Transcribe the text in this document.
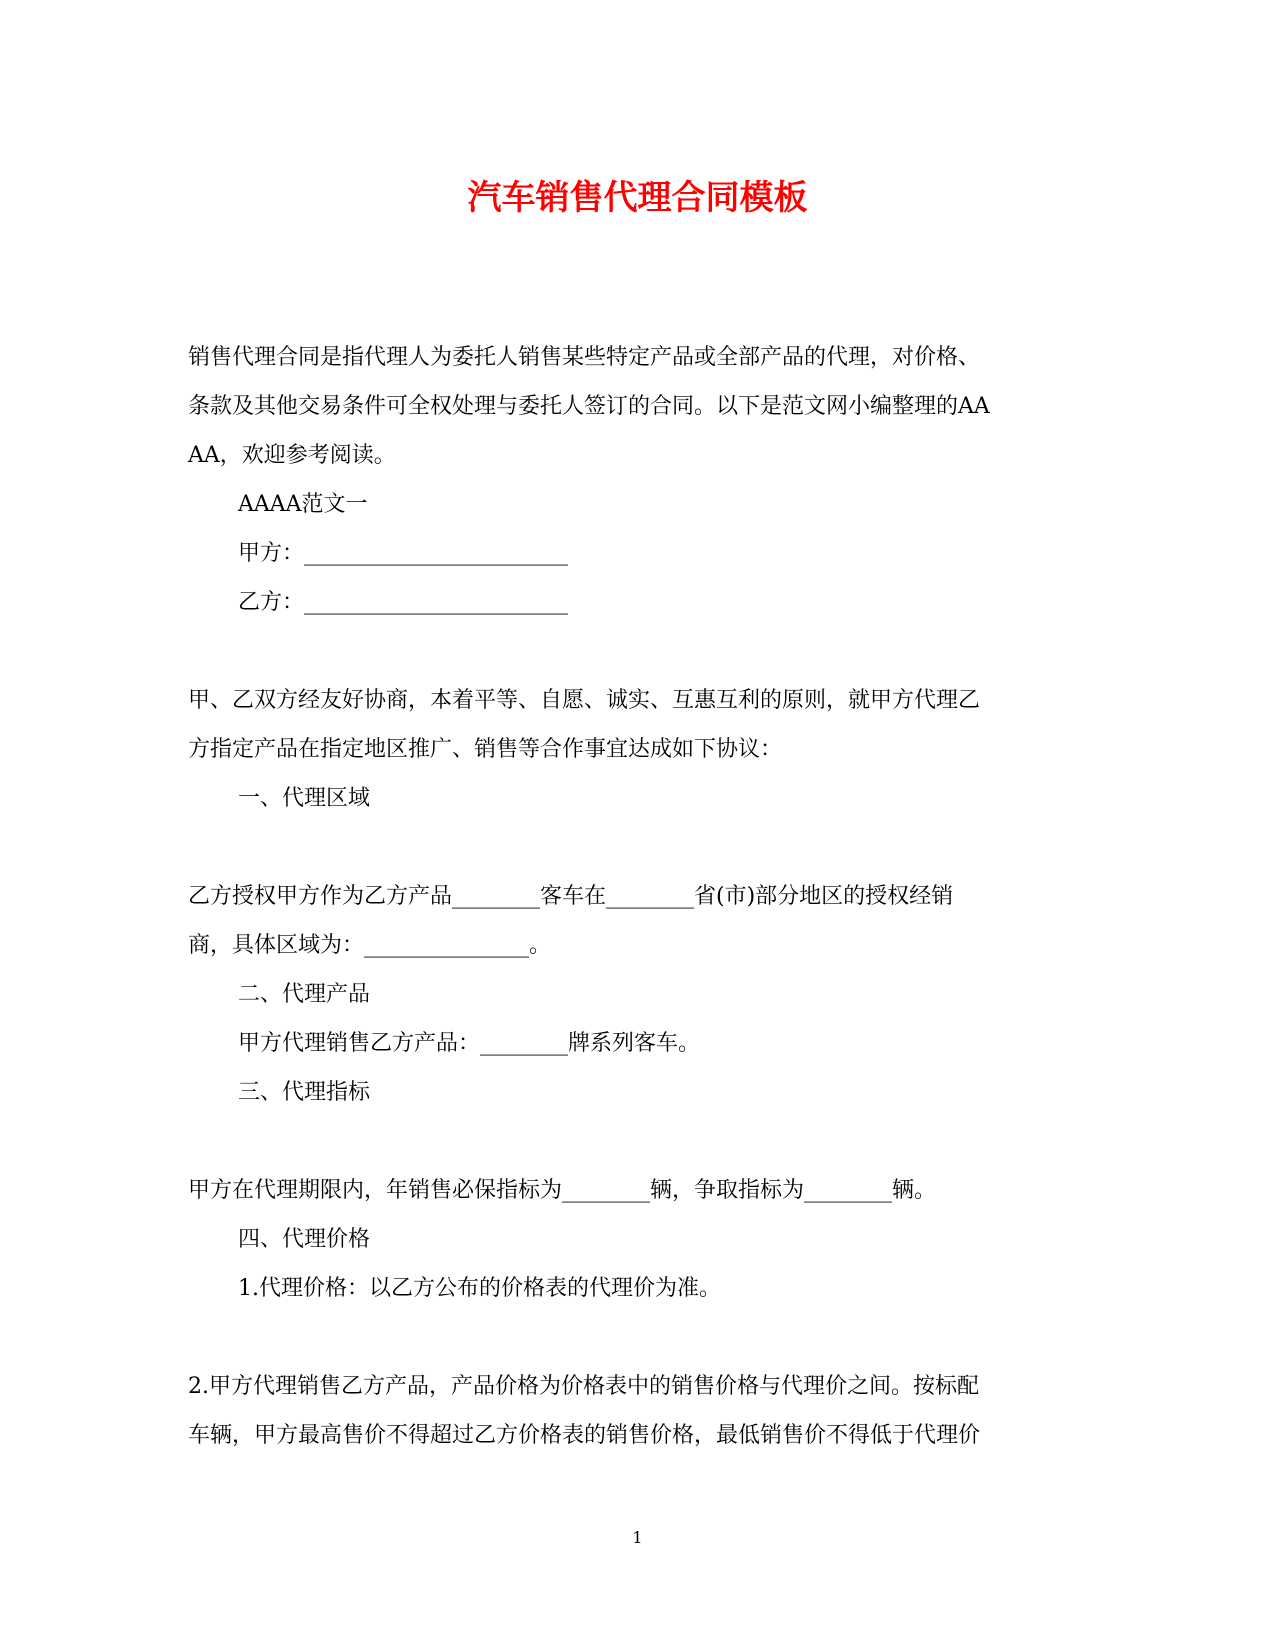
汽车销售代理合同模板

销售代理合同是指代理人为委托人销售某些特定产品或全部产品的代理，对价格、

条款及其他交易条件可全权处理与委托人签订的合同。以下是范文网小编整理的AA

AA，欢迎参考阅读。

AAAA范文一

甲方：________________________

乙方：________________________

甲、乙双方经友好协商，本着平等、自愿、诚实、互惠互利的原则，就甲方代理乙

方指定产品在指定地区推广、销售等合作事宜达成如下协议：

一、代理区域

乙方授权甲方作为乙方产品________客车在________省(市)部分地区的授权经销

商，具体区域为：_______________。

二、代理产品

甲方代理销售乙方产品：________牌系列客车。

三、代理指标

甲方在代理期限内，年销售必保指标为________辆，争取指标为________辆。

四、代理价格

1.代理价格：以乙方公布的价格表的代理价为准。

2.甲方代理销售乙方产品，产品价格为价格表中的销售价格与代理价之间。按标配

车辆，甲方最高售价不得超过乙方价格表的销售价格，最低销售价不得低于代理价

1
